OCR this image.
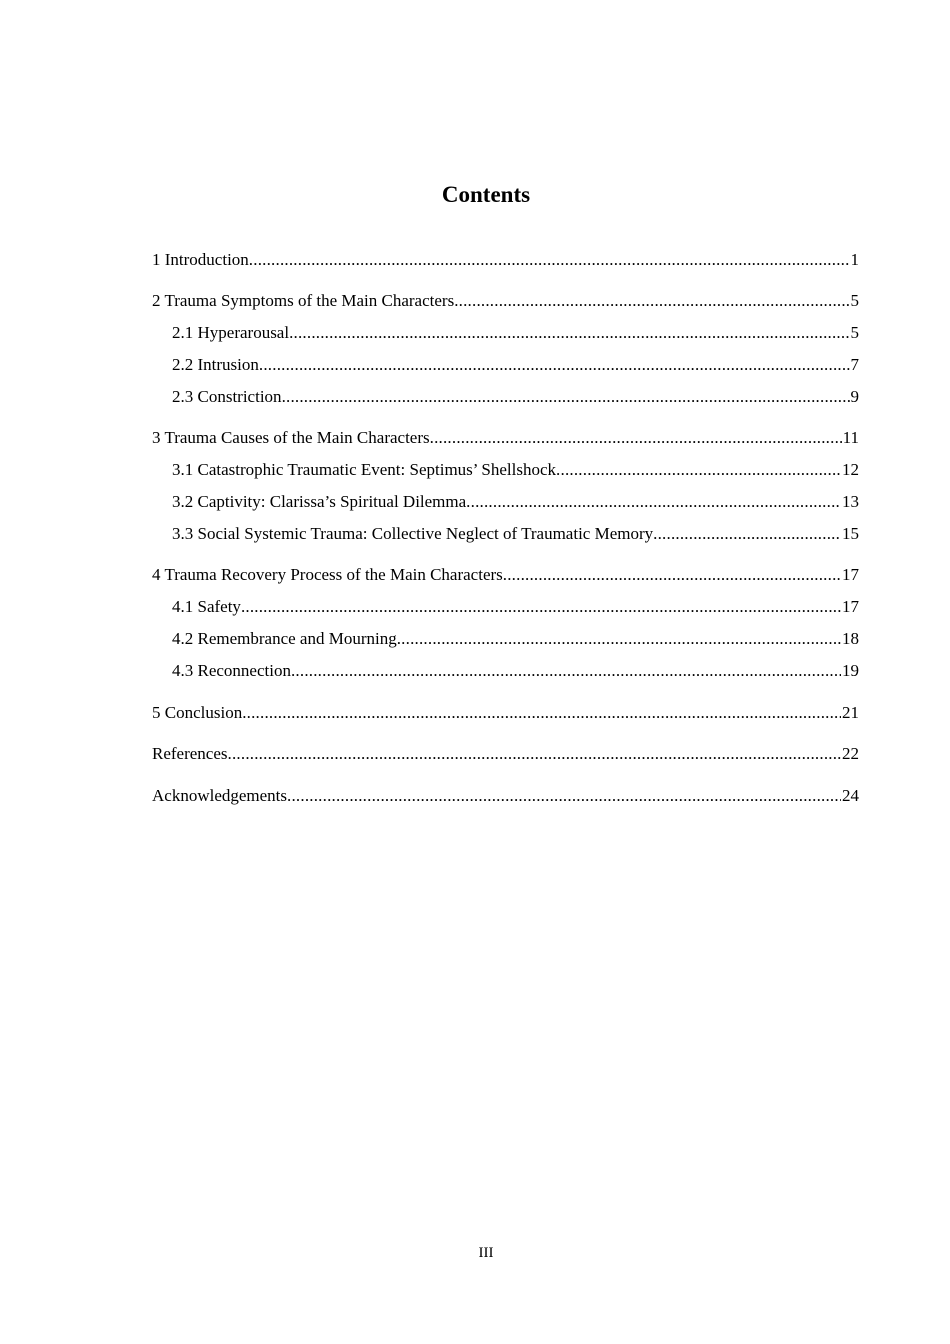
Contents
1 Introduction .....	1
2 Trauma Symptoms of the Main Characters .....	5
2.1 Hyperarousal .....	5
2.2 Intrusion .....	7
2.3 Constriction .....	9
3 Trauma Causes of the Main Characters .....	11
3.1 Catastrophic Traumatic Event: Septimus’ Shellshock .....	12
3.2 Captivity: Clarissa’s Spiritual Dilemma .....	13
3.3 Social Systemic Trauma: Collective Neglect of Traumatic Memory .....	15
4 Trauma Recovery Process of the Main Characters .....	17
4.1 Safety .....	17
4.2 Remembrance and Mourning .....	18
4.3 Reconnection .....	19
5 Conclusion .....	21
References .....	22
Acknowledgements .....	24
III
